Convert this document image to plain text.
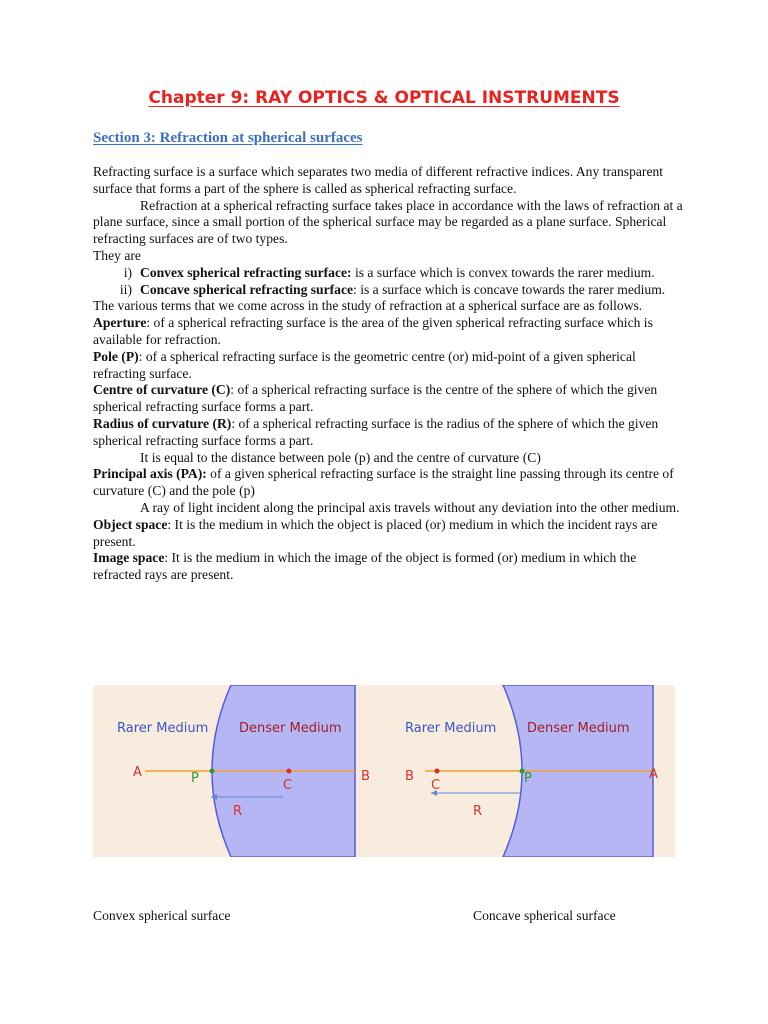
Chapter 9: RAY OPTICS & OPTICAL INSTRUMENTS
Section 3: Refraction at spherical surfaces

Refracting surface is a surface which separates two media of different refractive indices. Any transparent surface that forms a part of the sphere is called as spherical refracting surface.

Refraction at a spherical refracting surface takes place in accordance with the laws of refraction at a plane surface, since a small portion of the spherical surface may be regarded as a plane surface. Spherical refracting surfaces are of two types.

They are

i) Convex spherical refracting surface: is a surface which is convex towards the rarer medium.
ii) Concave spherical refracting surface: is a surface which is concave towards the rarer medium.

The various terms that we come across in the study of refraction at a spherical surface are as follows.

Aperture: of a spherical refracting surface is the area of the given spherical refracting surface which is available for refraction.

Pole (P): of a spherical refracting surface is the geometric centre (or) mid-point of a given spherical refracting surface.

Centre of curvature (C): of a spherical refracting surface is the centre of the sphere of which the given spherical refracting surface forms a part.

Radius of curvature (R): of a spherical refracting surface is the radius of the sphere of which the given spherical refracting surface forms a part.

It is equal to the distance between pole (p) and the centre of curvature (C)

Principal axis (PA): of a given spherical refracting surface is the straight line passing through its centre of curvature (C) and the pole (p)

A ray of light incident along the principal axis travels without any deviation into the other medium.

Object space: It is the medium in which the object is placed (or) medium in which the incident rays are present.

Image space: It is the medium in which the image of the object is formed (or) medium in which the refracted rays are present.

Rarer Medium Denser Medium
A	B
P	C
R
Rarer Medium Denser Medium
B	A
P
C
R
Convex spherical surface	Concave spherical surface
